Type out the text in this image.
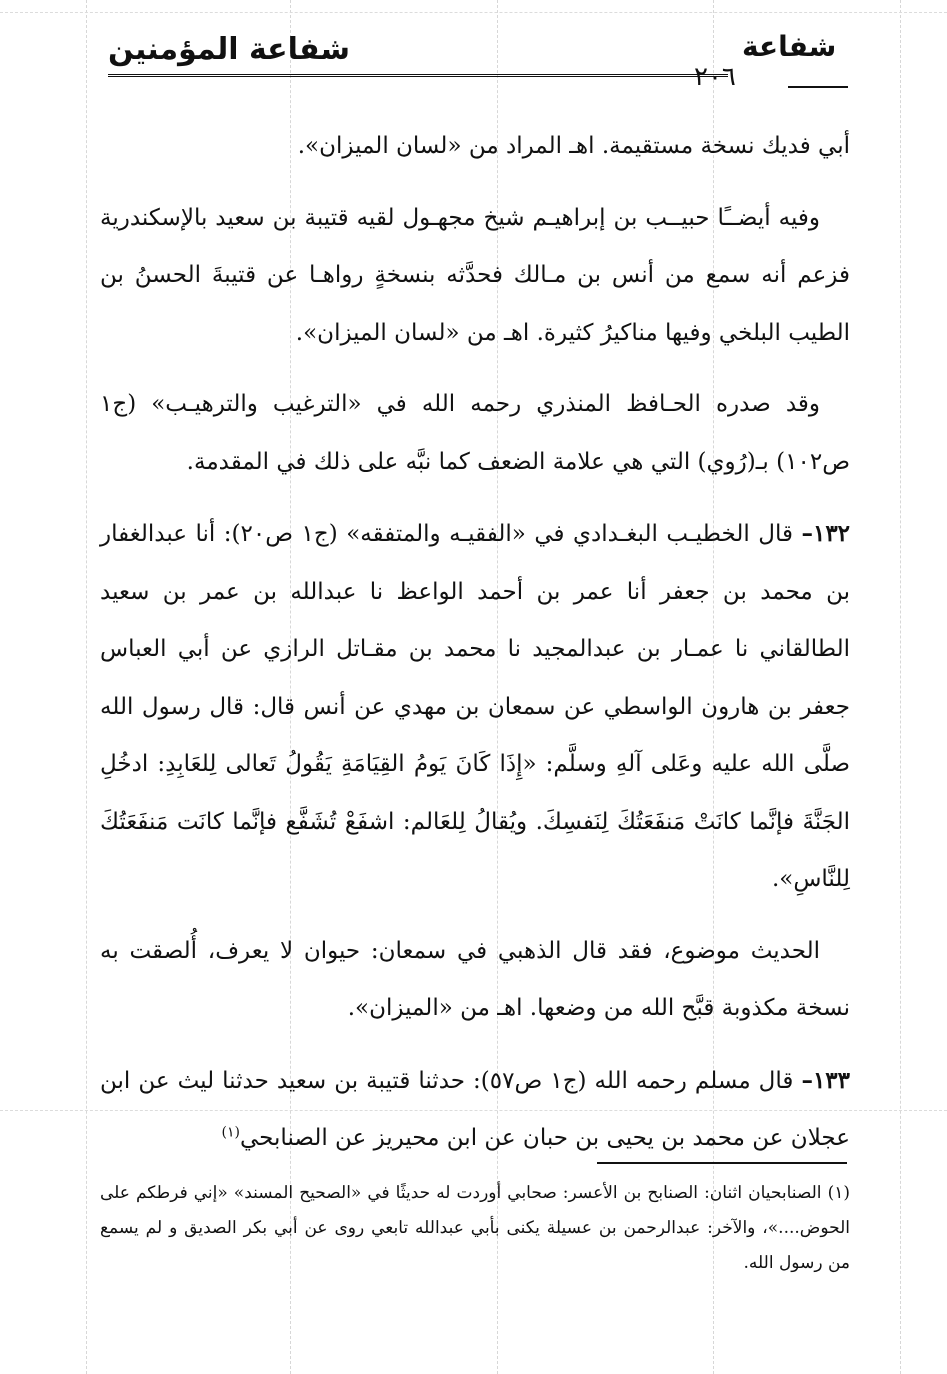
شفاعة المؤمنين	شفاعة
٢٠٦

أبي فديك نسخة مستقيمة. اهـ المراد من «لسان الميزان».

وفيه أيضــًا حبيــب بن إبراهيـم شيخ مجهـول لقيه قتيبة بن سعيد بالإسكندرية فزعم أنه سمع من أنس بن مـالك فحدَّثه بنسخةٍ رواهـا عن قتيبةَ الحسنُ بن الطيب البلخي وفيها مناكيرُ كثيرة. اهـ من «لسان الميزان».

وقد صدره الحـافظ المنذري رحمه الله في «الترغيب والترهيـب» (ج١ ص١٠٢) بـ(رُوي) التي هي علامة الضعف كما نبَّه على ذلك في المقدمة.

١٣٢– قال الخطيـب البغـدادي في «الفقيـه والمتفقه» (ج١ ص٢٠): أنا عبدالغفار بن محمد بن جعفر أنا عمر بن أحمد الواعظ نا عبدالله بن عمر بن سعيد الطالقاني نا عمـار بن عبدالمجيد نا محمد بن مقـاتل الرازي عن أبي العباس جعفر بن هارون الواسطي عن سمعان بن مهدي عن أنس قال: قال رسول الله صلَّى الله عليه وعَلى آلهِ وسلَّم: «إِذَا كَانَ يَومُ القِيَامَةِ يَقُولُ تَعالى لِلعَابِدِ: ادخُلِ الجَنَّةَ فإنَّما كانَتْ مَنفَعَتُكَ لِنَفسِكَ. ويُقالُ لِلعَالم: اشفَعْ تُشَفَّع فإنَّما كانَت مَنفَعَتُكَ لِلنَّاسِ».

الحديث موضوع، فقد قال الذهبي في سمعان: حيوان لا يعرف، أُلصقت به نسخة مكذوبة قبَّح الله من وضعها. اهـ من «الميزان».

١٣٣– قال مسلم رحمه الله (ج١ ص٥٧): حدثنا قتيبة بن سعيد حدثنا ليث عن ابن عجلان عن محمد بن يحيى بن حبان عن ابن محيريز عن الصنابحي$^{(١)}$

(١) الصنابحيان اثنان: الصنابح بن الأعسر: صحابي أوردت له حديثًا في «الصحيح المسند» «إني فرطكم على الحوض....»، والآخر: عبدالرحمن بن عسيلة يكنى بأبي عبدالله تابعي روى عن أبي بكر الصديق و لم يسمع من رسول الله.
